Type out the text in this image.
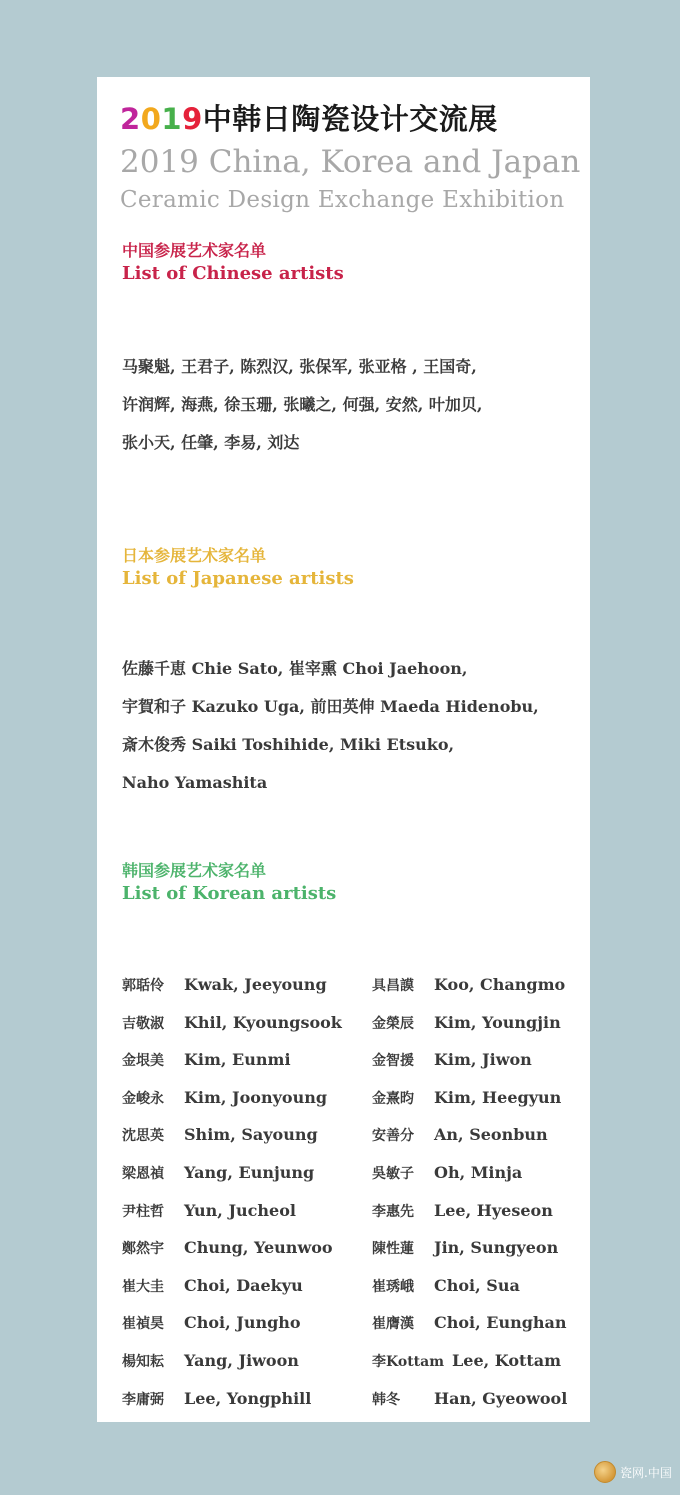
2019中韩日陶瓷设计交流展
2019 China, Korea and Japan
Ceramic Design Exchange Exhibition
中国参展艺术家名单
List of Chinese artists
马聚魁, 王君子, 陈烈汉, 张保军, 张亚格 , 王国奇,
许润辉, 海燕, 徐玉珊, 张曦之, 何强, 安然, 叶加贝,
张小天, 任肇, 李易, 刘达
日本参展艺术家名单
List of Japanese artists
佐藤千恵 Chie Sato, 崔宰熏 Choi Jaehoon,
宇賀和子 Kazuko Uga, 前田英伸 Maeda Hidenobu,
斎木俊秀 Saiki Toshihide, Miki Etsuko,
Naho Yamashita
韩国参展艺术家名单
List of Korean artists
郭聒伶 Kwak, Jeeyoung	具昌謨 Koo, Changmo
吉敬淑 Khil, Kyoungsook 金榮辰 Kim, Youngjin
金垠美 Kim, Eunmi	金智援 Kim, Jiwon
金峻永 Kim, Joonyoung	金熹昀 Kim, Heegyun
沈思英 Shim, Sayoung	安善分 An, Seonbun
梁恩禎 Yang, Eunjung	吳敏子 Oh, Minja
尹柱哲 Yun, Jucheol	李惠先 Lee, Hyeseon
鄭然宇 Chung, Yeunwoo	陳性蓮 Jin, Sungyeon
崔大圭 Choi, Daekyu	崔琇峨 Choi, Sua
崔禎昊 Choi, Jungho	崔膺漢 Choi, Eunghan
楊知耘 Yang, Jiwoon	李Kottam Lee, Kottam
李庸弼 Lee, Yongphill	韩冬 Han, Gyeowool
瓷网.中国
